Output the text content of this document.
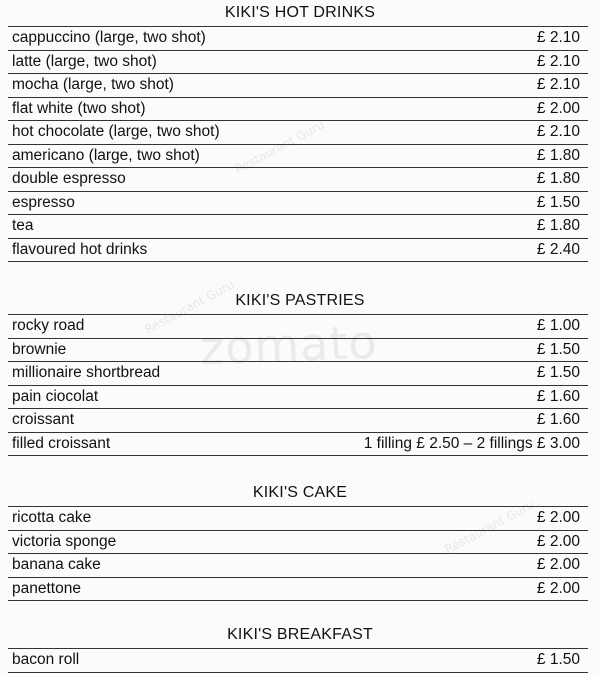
zomato
Restaurant Guru
Restaurant Guru
Restaurant Guru
KIKI'S HOT DRINKS
cappuccino (large, two shot)	£ 2.10
latte (large, two shot)	£ 2.10
mocha (large, two shot)	£ 2.10
flat white (two shot)	£ 2.00
hot chocolate (large, two shot)	£ 2.10
americano (large, two shot)	£ 1.80
double espresso	£ 1.80
espresso	£ 1.50
tea	£ 1.80
flavoured hot drinks	£ 2.40
KIKI'S PASTRIES
rocky road	£ 1.00
brownie	£ 1.50
millionaire shortbread	£ 1.50
pain ciocolat	£ 1.60
croissant	£ 1.60
filled croissant	1 filling £ 2.50 – 2 fillings £ 3.00
KIKI'S CAKE
ricotta cake	£ 2.00
victoria sponge	£ 2.00
banana cake	£ 2.00
panettone	£ 2.00
KIKI'S BREAKFAST
bacon roll	£ 1.50
